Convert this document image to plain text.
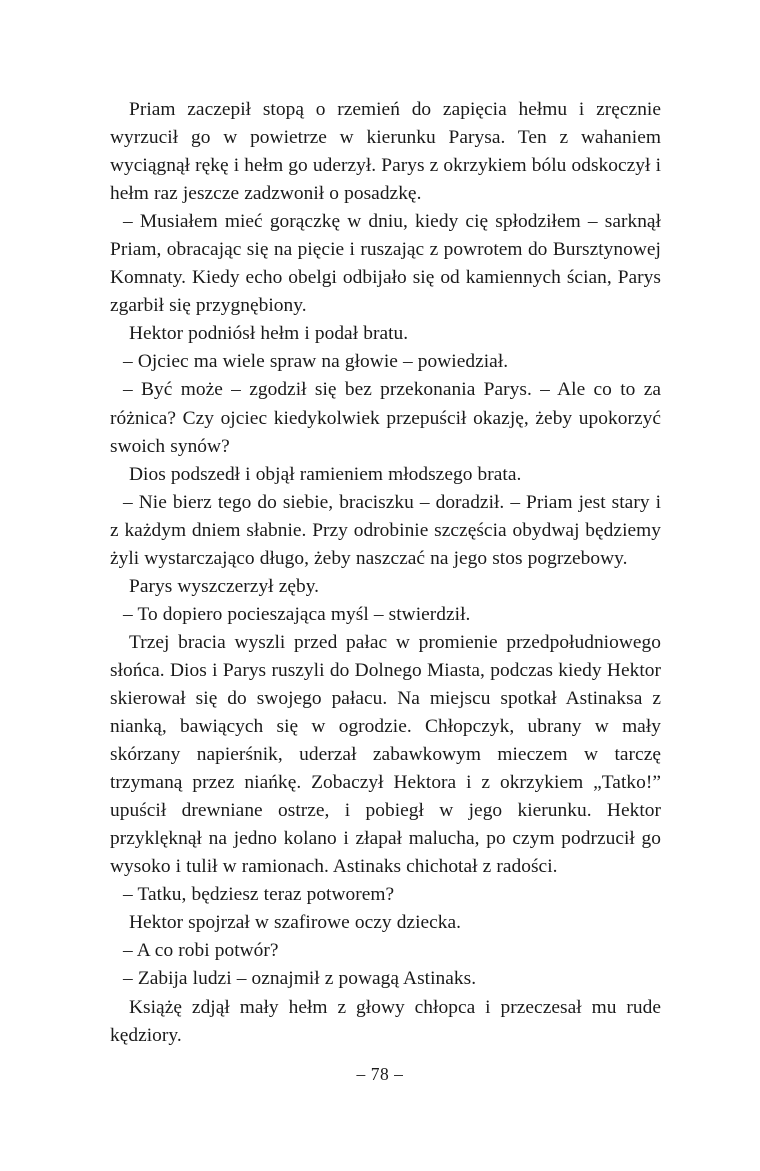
Priam zaczepił stopą o rzemień do zapięcia hełmu i zręcznie wyrzucił go w powietrze w kierunku Parysa. Ten z wahaniem wyciągnął rękę i hełm go uderzył. Parys z okrzykiem bólu odskoczył i hełm raz jeszcze zadzwonił o posadzkę.

– Musiałem mieć gorączkę w dniu, kiedy cię spłodziłem – sarknął Priam, obracając się na pięcie i ruszając z powrotem do Bursztynowej Komnaty. Kiedy echo obelgi odbijało się od kamiennych ścian, Parys zgarbił się przygnębiony.

Hektor podniósł hełm i podał bratu.

– Ojciec ma wiele spraw na głowie – powiedział.

– Być może – zgodził się bez przekonania Parys. – Ale co to za różnica? Czy ojciec kiedykolwiek przepuścił okazję, żeby upokorzyć swoich synów?

Dios podszedł i objął ramieniem młodszego brata.

– Nie bierz tego do siebie, braciszku – doradził. – Priam jest stary i z każdym dniem słabnie. Przy odrobinie szczęścia obydwaj będziemy żyli wystarczająco długo, żeby naszczać na jego stos pogrzebowy.

Parys wyszczerzył zęby.

– To dopiero pocieszająca myśl – stwierdził.

Trzej bracia wyszli przed pałac w promienie przedpołudniowego słońca. Dios i Parys ruszyli do Dolnego Miasta, podczas kiedy Hektor skierował się do swojego pałacu. Na miejscu spotkał Astinaksa z nianką, bawiących się w ogrodzie. Chłopczyk, ubrany w mały skórzany napierśnik, uderzał zabawkowym mieczem w tarczę trzymaną przez niańkę. Zobaczył Hektora i z okrzykiem „Tatko!” upuścił drewniane ostrze, i pobiegł w jego kierunku. Hektor przyklęknął na jedno kolano i złapał malucha, po czym podrzucił go wysoko i tulił w ramionach. Astinaks chichotał z radości.

– Tatku, będziesz teraz potworem?

Hektor spojrzał w szafirowe oczy dziecka.

– A co robi potwór?

– Zabija ludzi – oznajmił z powagą Astinaks.

Książę zdjął mały hełm z głowy chłopca i przeczesał mu rude kędziory.

– 78 –
